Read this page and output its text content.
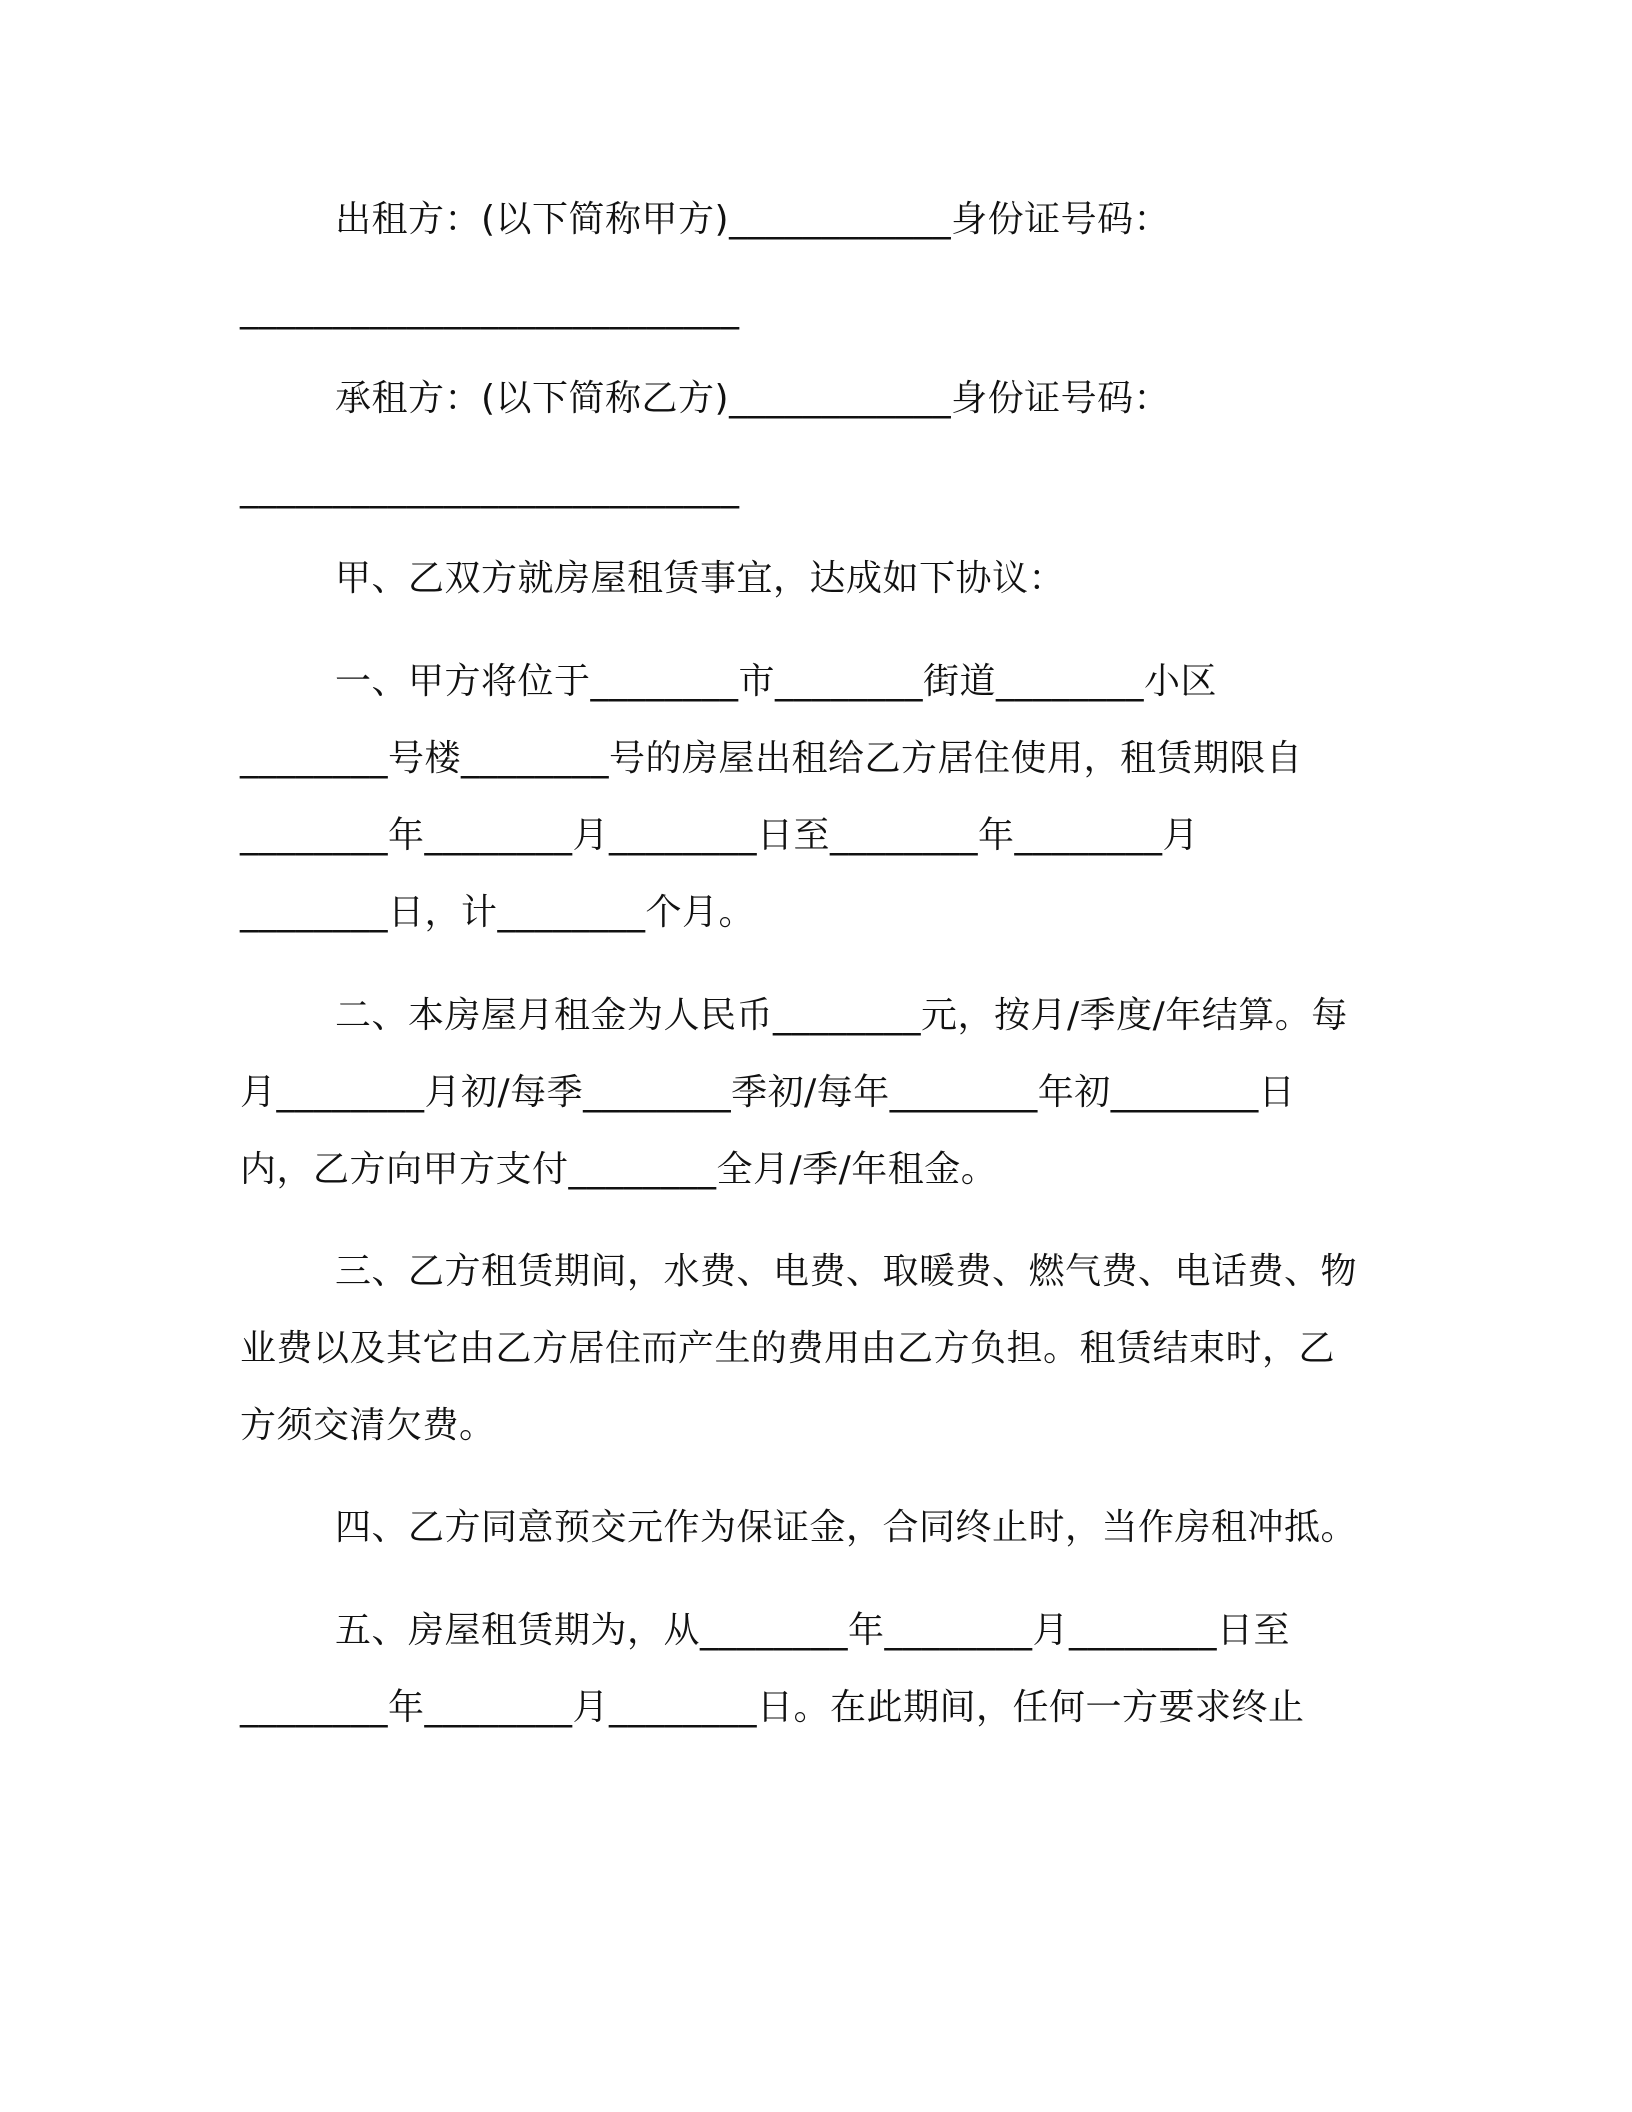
出租方：(以下简称甲方)____________身份证号码：
___________________________
承租方：(以下简称乙方)____________身份证号码：
___________________________
甲、乙双方就房屋租赁事宜，达成如下协议：
一、甲方将位于________市________街道________小区
________号楼________号的房屋出租给乙方居住使用，租赁期限自
________年________月________日至________年________月
________日，计________个月。
二、本房屋月租金为人民币________元，按月/季度/年结算。每
月________月初/每季________季初/每年________年初________日
内，乙方向甲方支付________全月/季/年租金。
三、乙方租赁期间，水费、电费、取暖费、燃气费、电话费、物
业费以及其它由乙方居住而产生的费用由乙方负担。租赁结束时，乙
方须交清欠费。
四、乙方同意预交元作为保证金，合同终止时，当作房租冲抵。
五、房屋租赁期为，从________年________月________日至
________年________月________日。在此期间，任何一方要求终止
